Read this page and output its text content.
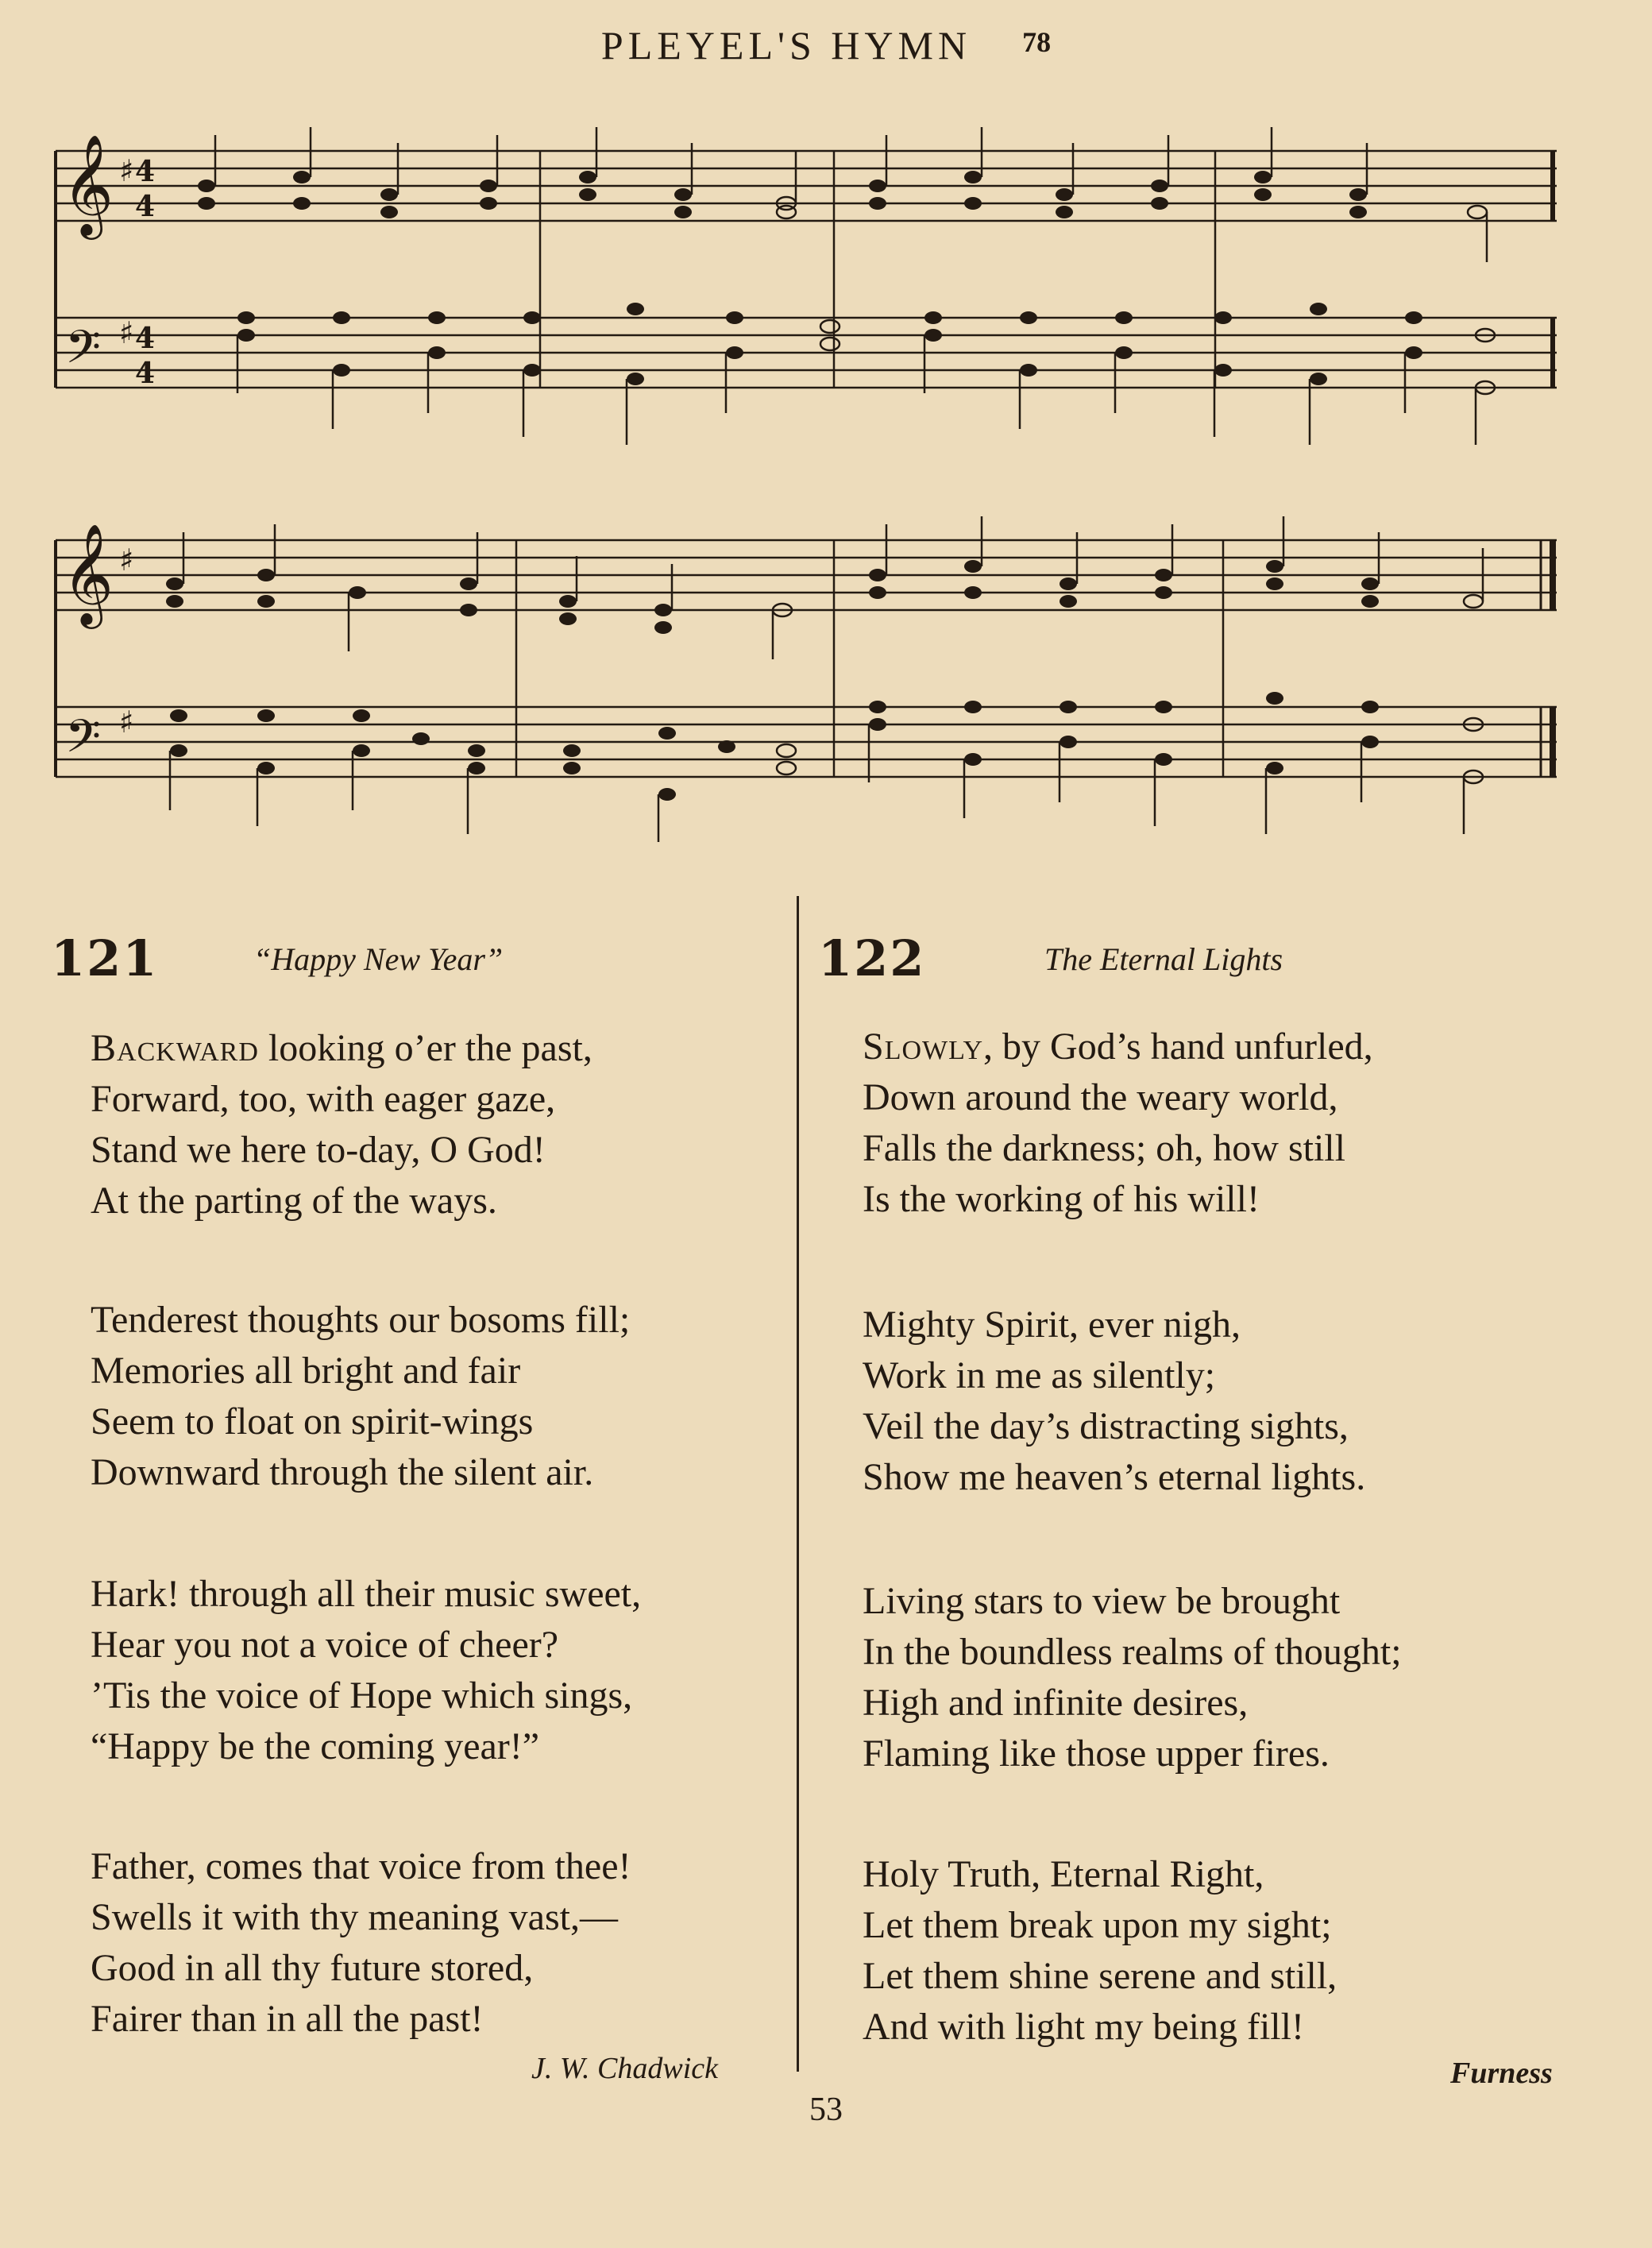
PLEYEL'S HYMN 78
𝄞 ♯ 4
4
𝄢 ♯ 4
4
𝄞 ♯
𝄢 ♯
121	“Happy New Year”
Backward looking o’er the past,
Forward, too, with eager gaze,
Stand we here to-day, O God!
At the parting of the ways.
Tenderest thoughts our bosoms fill;
Memories all bright and fair
Seem to float on spirit-wings
Downward through the silent air.
Hark! through all their music sweet,
Hear you not a voice of cheer?
’Tis the voice of Hope which sings,
“Happy be the coming year!”
Father, comes that voice from thee!
Swells it with thy meaning vast,—
Good in all thy future stored,
Fairer than in all the past!
J. W. Chadwick
122	The Eternal Lights
Slowly, by God’s hand unfurled,
Down around the weary world,
Falls the darkness; oh, how still
Is the working of his will!
Mighty Spirit, ever nigh,
Work in me as silently;
Veil the day’s distracting sights,
Show me heaven’s eternal lights.
Living stars to view be brought
In the boundless realms of thought;
High and infinite desires,
Flaming like those upper fires.
Holy Truth, Eternal Right,
Let them break upon my sight;
Let them shine serene and still,
And with light my being fill!
Furness
53
